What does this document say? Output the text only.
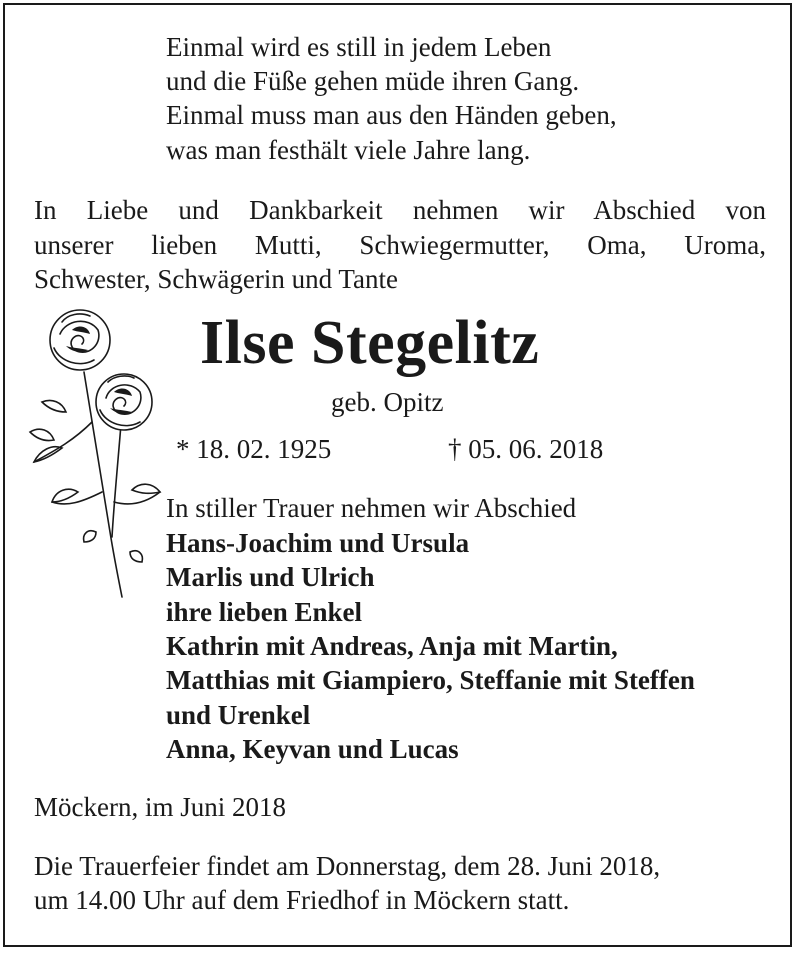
Einmal wird es still in jedem Leben
und die Füße gehen müde ihren Gang.
Einmal muss man aus den Händen geben,
was man festhält viele Jahre lang.
In Liebe und Dankbarkeit nehmen wir Abschied von
unserer lieben Mutti, Schwiegermutter, Oma, Uroma,
Schwester, Schwägerin und Tante
Ilse Stegelitz
geb. Opitz
* 18. 02. 1925	† 05. 06. 2018
In stiller Trauer nehmen wir Abschied
Hans-Joachim und Ursula
Marlis und Ulrich
ihre lieben Enkel
Kathrin mit Andreas, Anja mit Martin,
Matthias mit Giampiero, Steffanie mit Steffen
und Urenkel
Anna, Keyvan und Lucas
Möckern, im Juni 2018
Die Trauerfeier findet am Donnerstag, dem 28. Juni 2018,
um 14.00 Uhr auf dem Friedhof in Möckern statt.
